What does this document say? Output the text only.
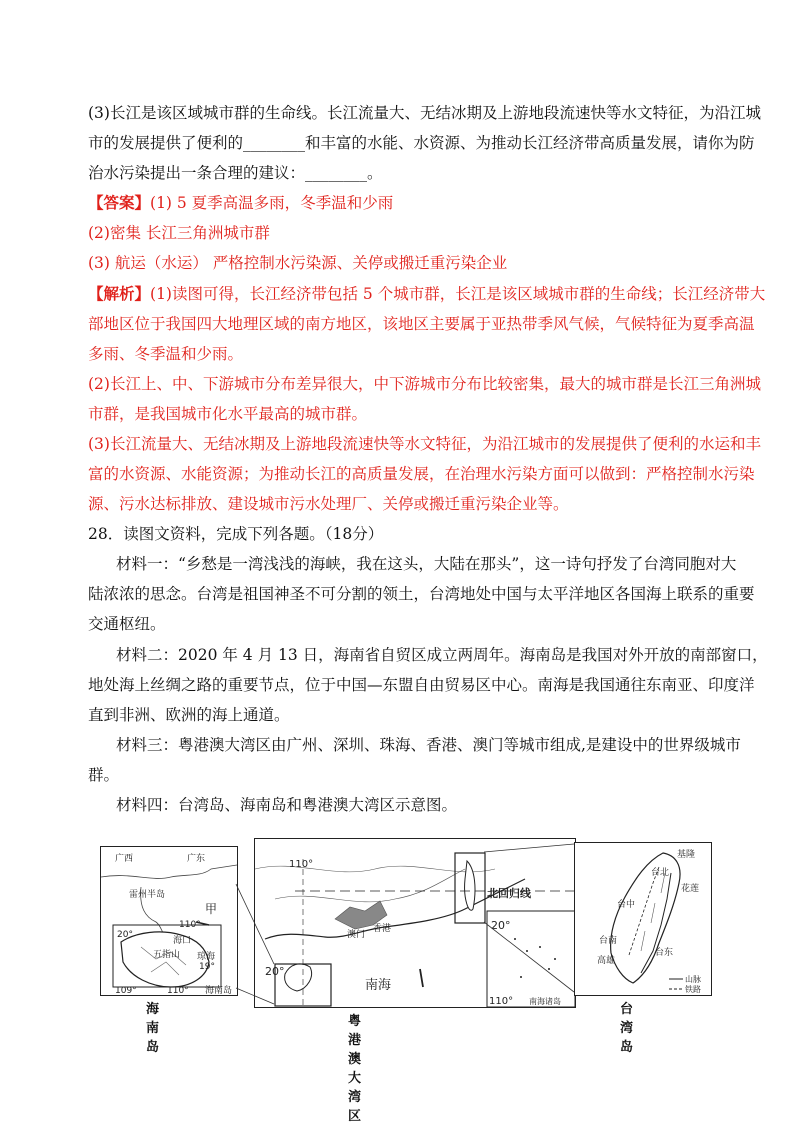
(3)长江是该区域城市群的生命线。长江流量大、无结冰期及上游地段流速快等水文特征，为沿江城
市的发展提供了便利的________和丰富的水能、水资源、为推动长江经济带高质量发展，请你为防
治水污染提出一条合理的建议：________。
【答案】(1) 5 夏季高温多雨，冬季温和少雨
(2)密集 长江三角洲城市群
(3) 航运（水运） 严格控制水污染源、关停或搬迁重污染企业
【解析】(1)读图可得，长江经济带包括 5 个城市群，长江是该区域城市群的生命线；长江经济带大
部地区位于我国四大地理区域的南方地区，该地区主要属于亚热带季风气候，气候特征为夏季高温
多雨、冬季温和少雨。
(2)长江上、中、下游城市分布差异很大，中下游城市分布比较密集，最大的城市群是长江三角洲城
市群，是我国城市化水平最高的城市群。
(3)长江流量大、无结冰期及上游地段流速快等水文特征，为沿江城市的发展提供了便利的水运和丰
富的水资源、水能资源；为推动长江的高质量发展，在治理水污染方面可以做到：严格控制水污染
源、污水达标排放、建设城市污水处理厂、关停或搬迁重污染企业等。
28．读图文资料，完成下列各题。（18分）
材料一：“乡愁是一湾浅浅的海峡，我在这头，大陆在那头”，这一诗句抒发了台湾同胞对大
陆浓浓的思念。台湾是祖国神圣不可分割的领土，台湾地处中国与太平洋地区各国海上联系的重要
交通枢纽。
材料二：2020 年 4 月 13 日，海南省自贸区成立两周年。海南岛是我国对外开放的南部窗口，
地处海上丝绸之路的重要节点，位于中国—东盟自由贸易区中心。南海是我国通往东南亚、印度洋
直到非洲、欧洲的海上通道。
材料三：粤港澳大湾区由广州、深圳、珠海、香港、澳门等城市组成,是建设中的世界级城市
群。
材料四：台湾岛、海南岛和粤港澳大湾区示意图。
广西	广东
雷州半岛
甲
20°
110°
海口
五指山 琼海
19°
109°	110° 海南岛
海南岛
110°
北回归线
澳门
香港
南海
20°
20°
110° 南海诸岛
粤港澳大湾区
基隆
台北
花莲
台中
台南
高雄
台东
山脉
铁路
台湾岛
